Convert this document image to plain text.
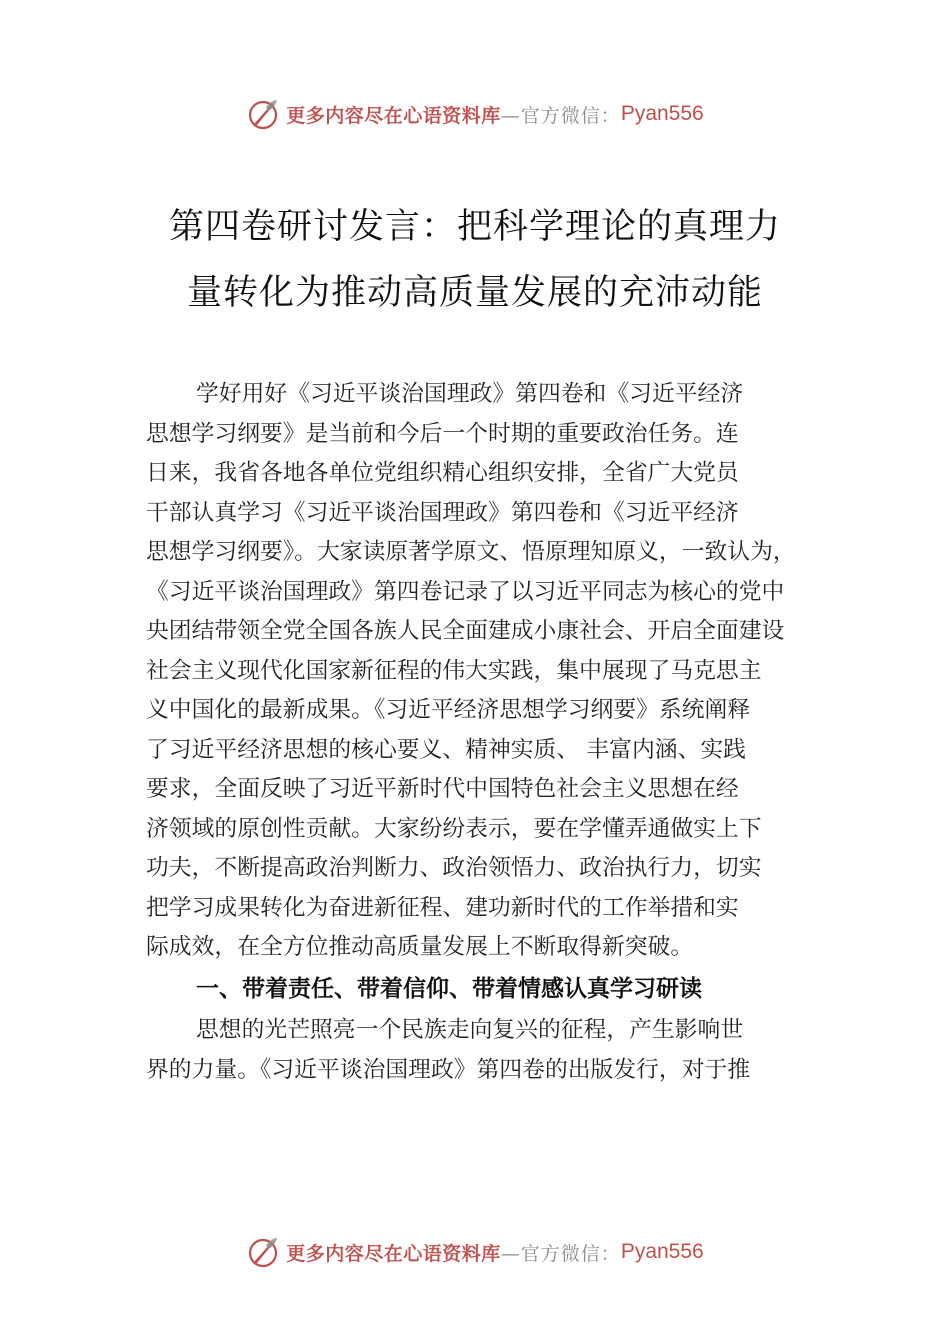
更多内容尽在心语资料库 —官方微信： Pyan556
第四卷研讨发言：把科学理论的真理力
量转化为推动高质量发展的充沛动能
学好用好《习近平谈治国理政》第四卷和《习近平经济
思想学习纲要》是当前和今后一个时期的重要政治任务。连
日来，我省各地各单位党组织精心组织安排，全省广大党员
干部认真学习《习近平谈治国理政》第四卷和《习近平经济
思想学习纲要》。大家读原著学原文、悟原理知原义，一致认为，
《习近平谈治国理政》第四卷记录了以习近平同志为核心的党中
央团结带领全党全国各族人民全面建成小康社会、开启全面建设
社会主义现代化国家新征程的伟大实践，集中展现了马克思主
义中国化的最新成果。《习近平经济思想学习纲要》系统阐释
了习近平经济思想的核心要义、精神实质、 丰富内涵、实践
要求，全面反映了习近平新时代中国特色社会主义思想在经
济领域的原创性贡献。大家纷纷表示，要在学懂弄通做实上下
功夫，不断提高政治判断力、政治领悟力、政治执行力，切实
把学习成果转化为奋进新征程、建功新时代的工作举措和实
际成效，在全方位推动高质量发展上不断取得新突破。
一、带着责任、带着信仰、带着情感认真学习研读
思想的光芒照亮一个民族走向复兴的征程，产生影响世
界的力量。《习近平谈治国理政》第四卷的出版发行，对于推
更多内容尽在心语资料库 —官方微信： Pyan556
